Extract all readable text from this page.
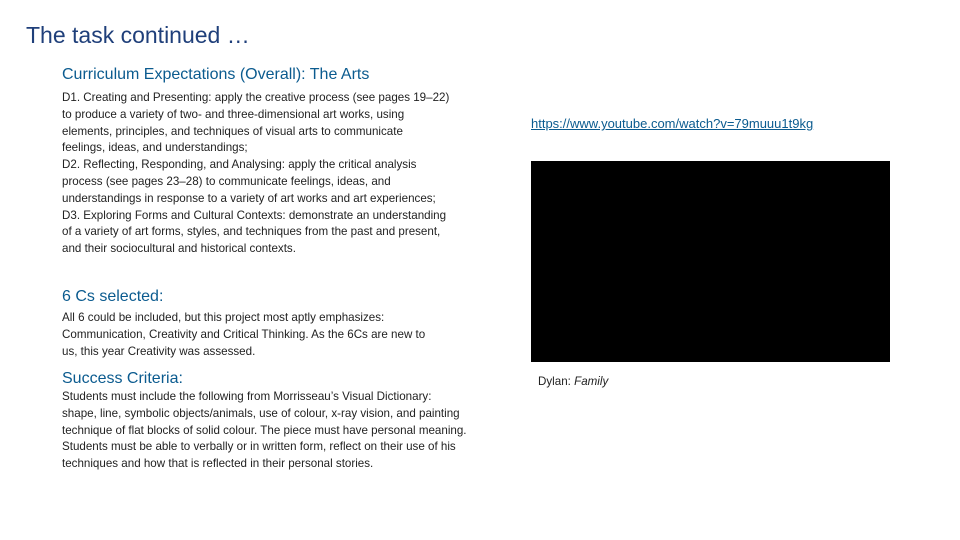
The task continued …
Curriculum Expectations (Overall): The Arts
D1. Creating and Presenting: apply the creative process (see pages 19–22)
to produce a variety of two- and three-dimensional art works, using
elements, principles, and techniques of visual arts to communicate
feelings, ideas, and understandings;
D2. Reflecting, Responding, and Analysing: apply the critical analysis
process (see pages 23–28) to communicate feelings, ideas, and
understandings in response to a variety of art works and art experiences;
D3. Exploring Forms and Cultural Contexts: demonstrate an understanding
of a variety of art forms, styles, and techniques from the past and present,
and their sociocultural and historical contexts.
6 Cs selected:
All 6 could be included, but this project most aptly emphasizes:
Communication, Creativity and Critical Thinking. As the 6Cs are new to
us, this year Creativity was assessed.
Success Criteria:
Students must include the following from Morrisseau’s Visual Dictionary:
shape, line, symbolic objects/animals, use of colour, x-ray vision, and painting
technique of flat blocks of solid colour. The piece must have personal meaning.
Students must be able to verbally or in written form, reflect on their use of his
techniques and how that is reflected in their personal stories.
https://www.youtube.com/watch?v=79muuu1t9kg
Dylan: Family
